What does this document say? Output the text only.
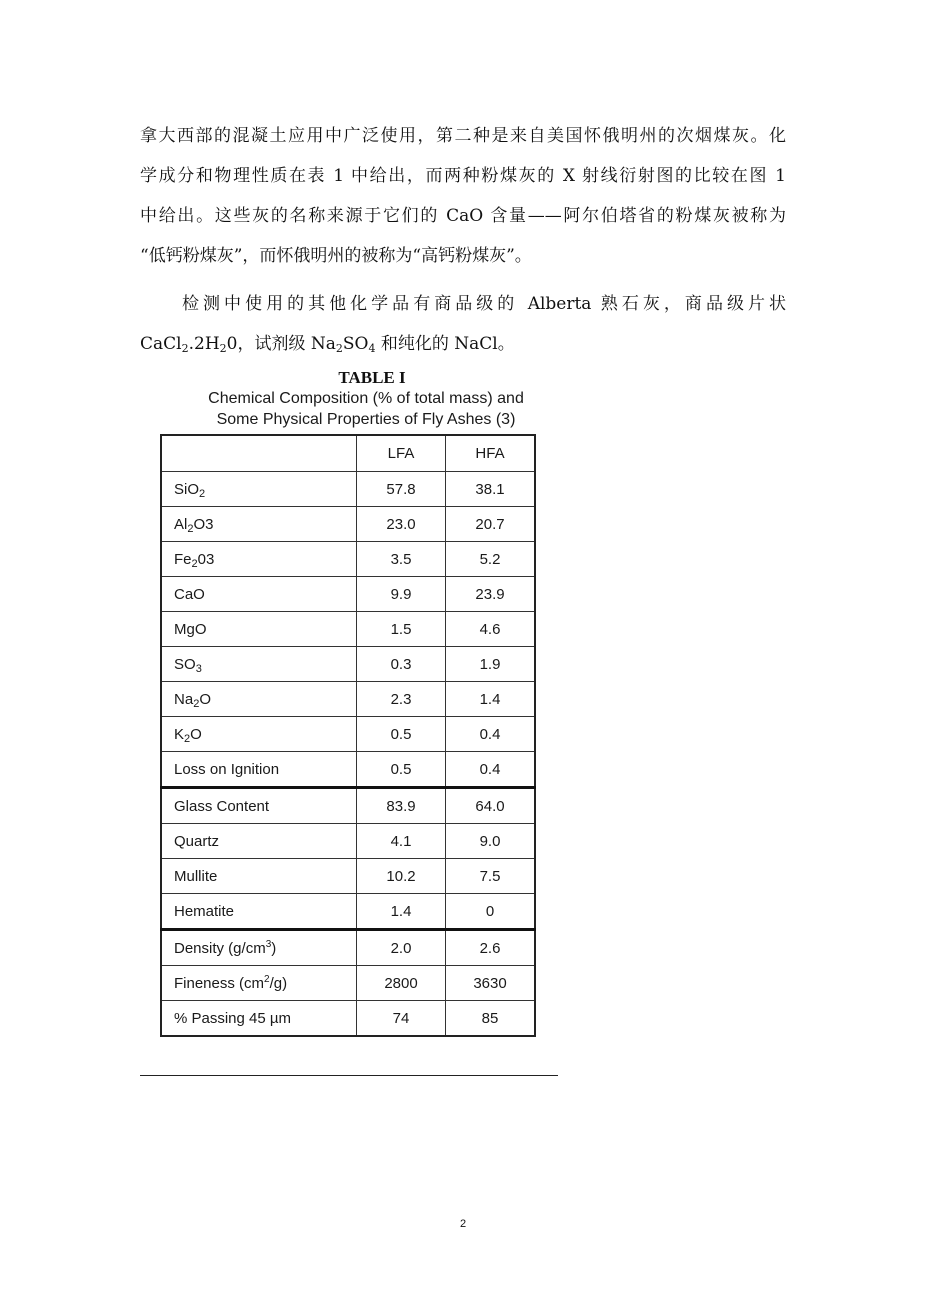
拿大西部的混凝土应用中广泛使用，第二种是来自美国怀俄明州的次烟煤灰。化
学成分和物理性质在表 1 中给出，而两种粉煤灰的 X 射线衍射图的比较在图 1
中给出。这些灰的名称来源于它们的 CaO 含量——阿尔伯塔省的粉煤灰被称为
“低钙粉煤灰”，而怀俄明州的被称为“高钙粉煤灰”。
检测中使用的其他化学品有商品级的 Alberta 熟石灰，商品级片状
$CaCl_2.2H_20$，试剂级 $Na_2SO_4$ 和纯化的 NaCl。
TABLE I
Chemical Composition (% of total mass) and
Some Physical Properties of Fly Ashes (3)
	LFA	HFA
SiO$_2$	57.8	38.1
$Al_2O3$	23.0	20.7
$Fe_203$	3.5	5.2
CaO	9.9	23.9
MgO	1.5	4.6
$SO_3$	0.3	1.9
$Na_2O$	2.3	1.4
$K_2O$	0.5	0.4
Loss on Ignition	0.5	0.4
Glass Content	83.9	64.0
Quartz	4.1	9.0
Mullite	10.2	7.5
Hematite	1.4	0
Density $(g/cm^3)$	2.0	2.6
Fineness $(cm^2/g)$	2800	3630
% Passing 45 µm	74	85
2
